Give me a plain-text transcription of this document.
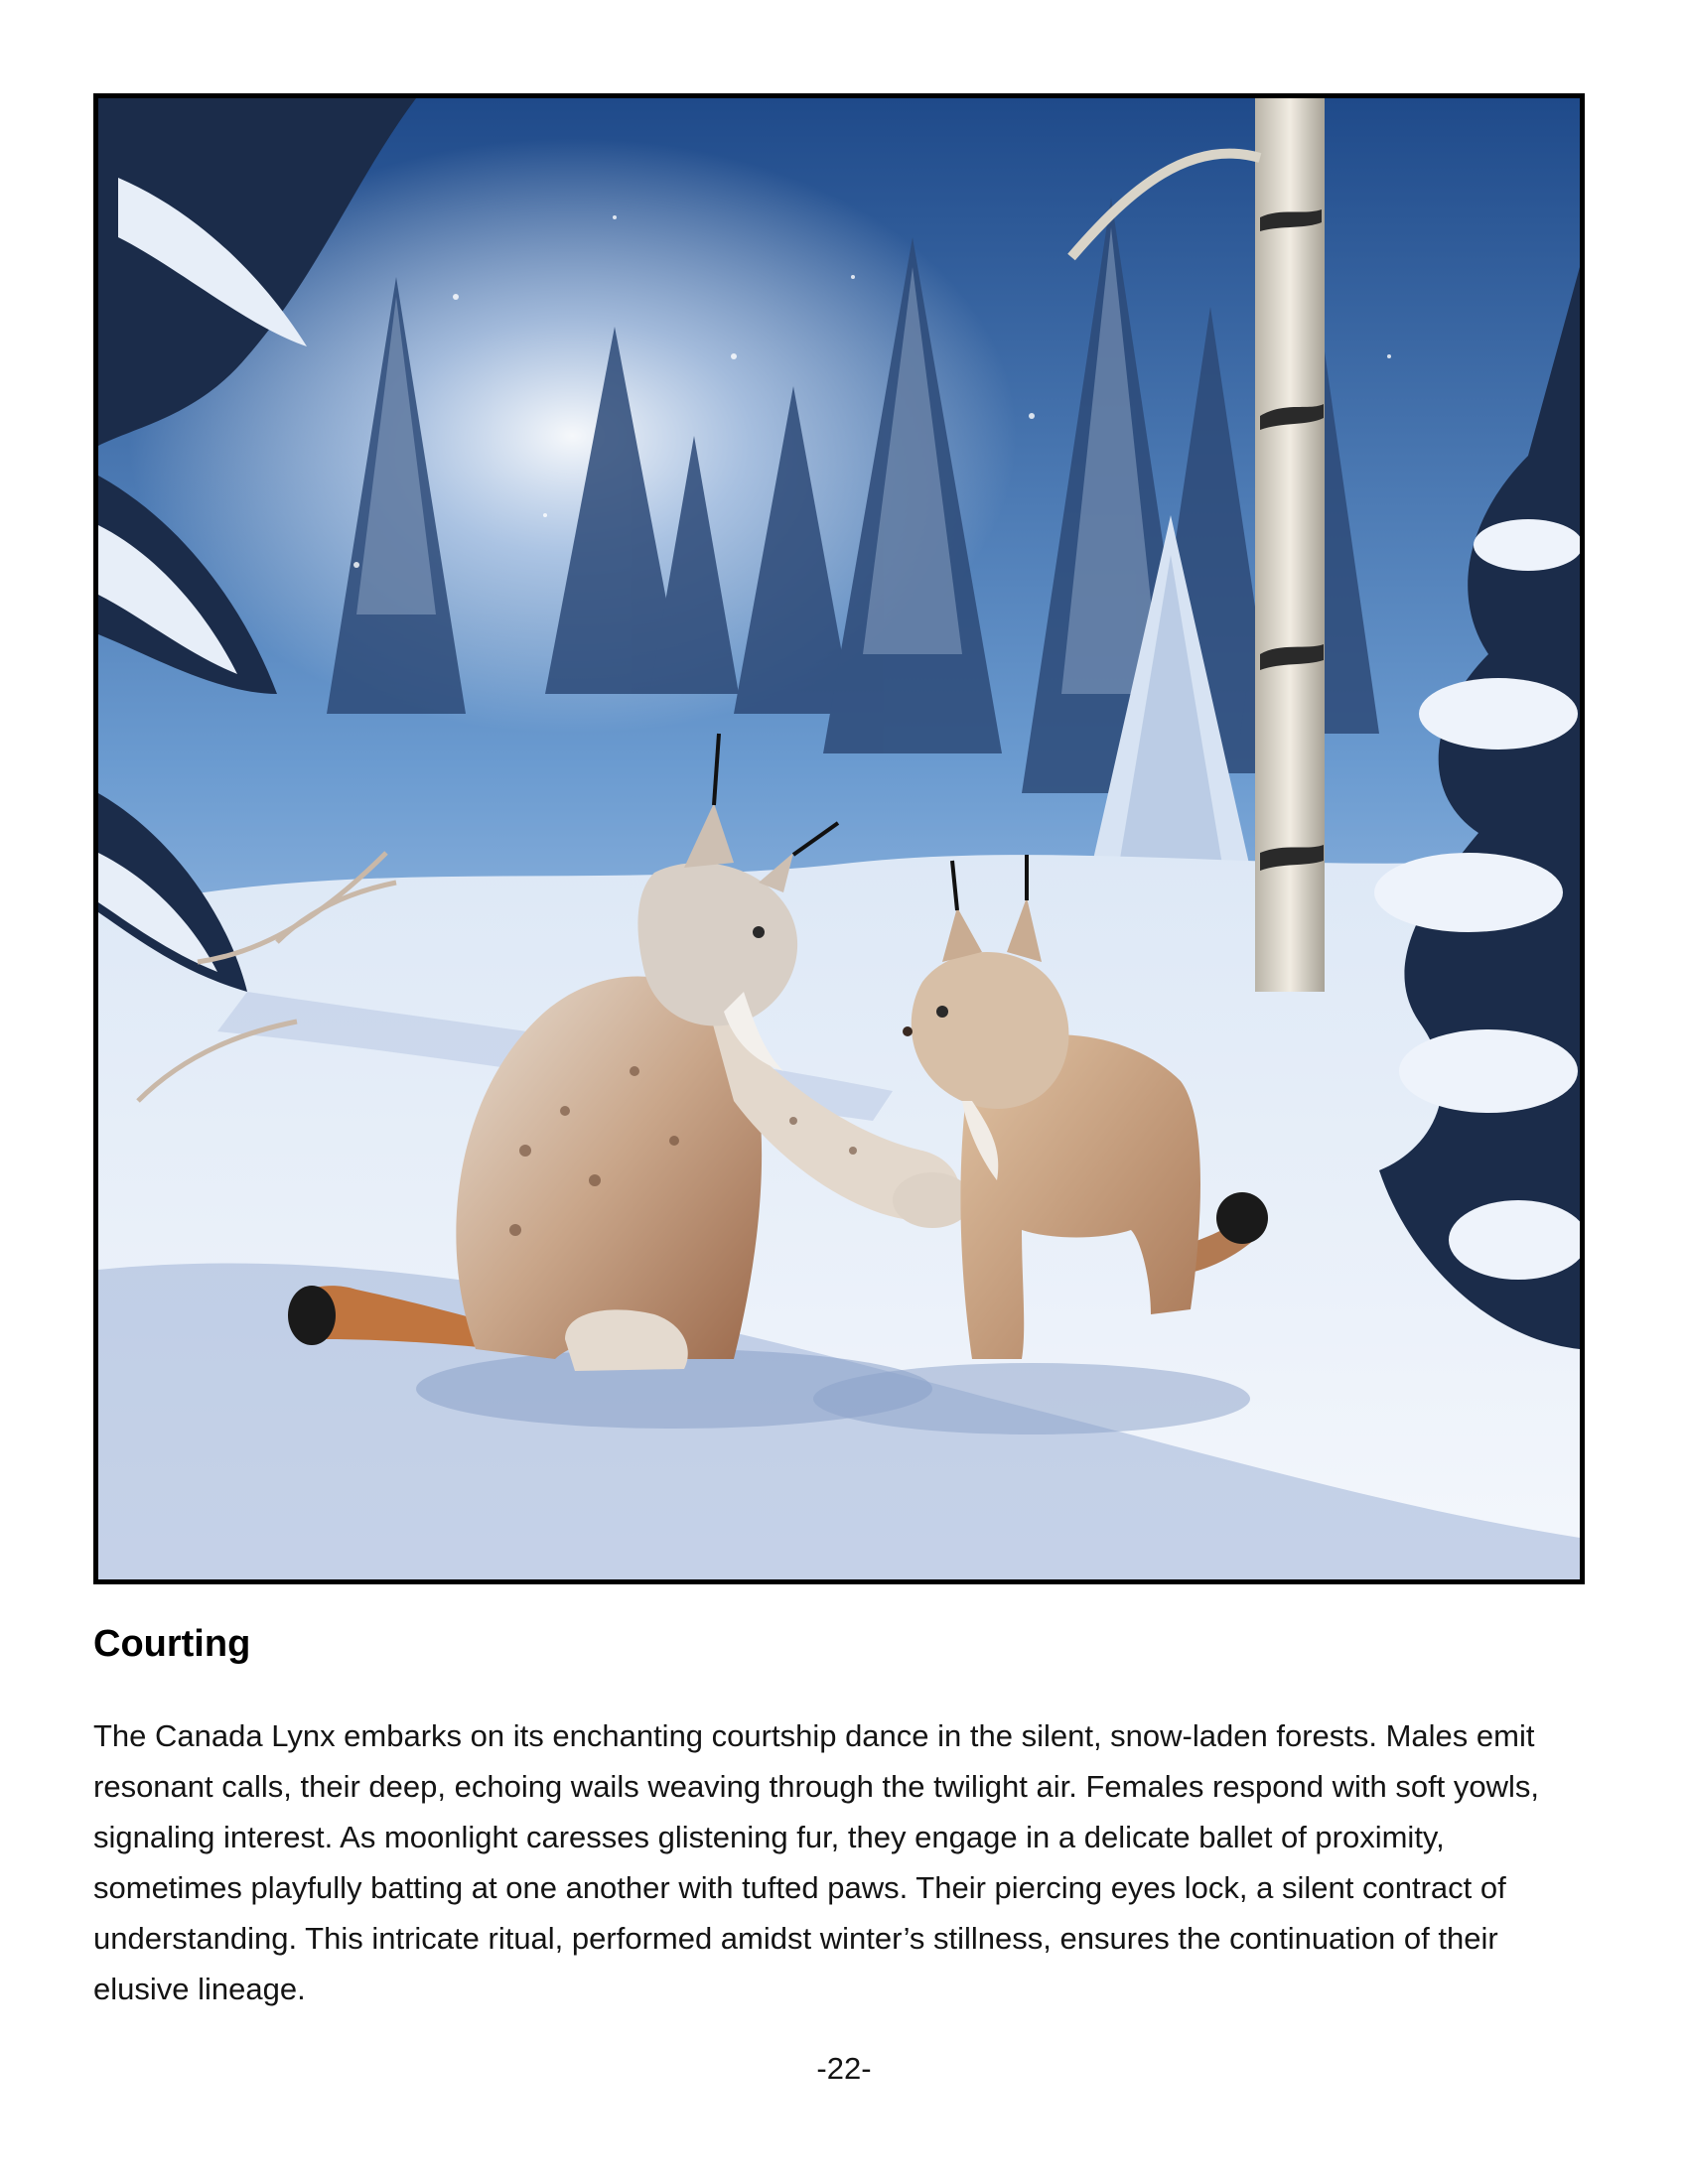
Courting

The Canada Lynx embarks on its enchanting courtship dance in the silent, snow-laden forests. Males emit resonant calls, their deep, echoing wails weaving through the twilight air. Females respond with soft yowls, signaling interest. As moonlight caresses glistening fur, they engage in a delicate ballet of proximity, sometimes playfully batting at one another with tufted paws. Their piercing eyes lock, a silent contract of understanding. This intricate ritual, performed amidst winter’s stillness, ensures the continuation of their elusive lineage.

-22-
